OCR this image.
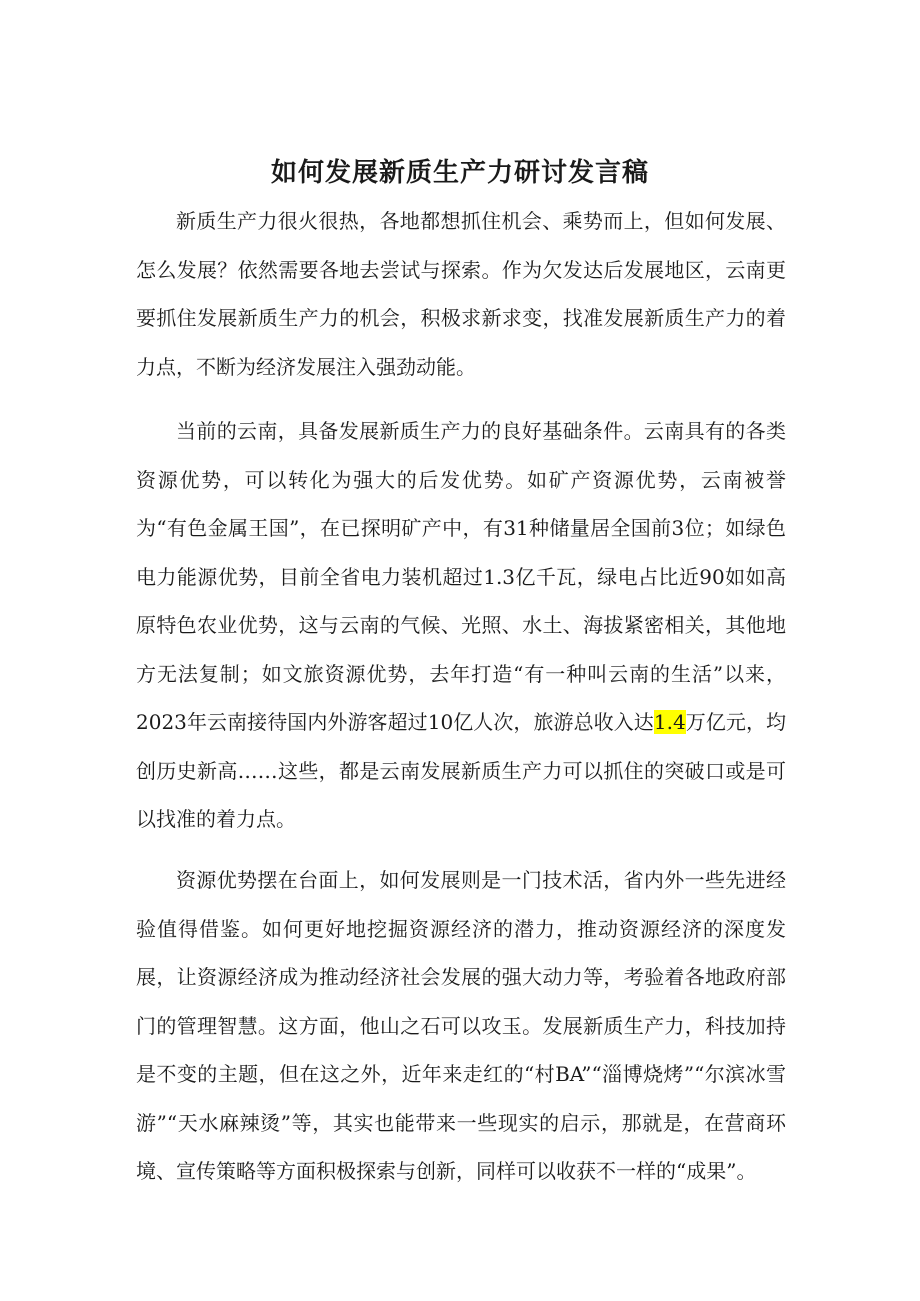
如何发展新质生产力研讨发言稿

新质生产力很火很热，各地都想抓住机会、乘势而上，但如何发展、怎么发展？依然需要各地去尝试与探索。作为欠发达后发展地区，云南更要抓住发展新质生产力的机会，积极求新求变，找准发展新质生产力的着力点，不断为经济发展注入强劲动能。

当前的云南，具备发展新质生产力的良好基础条件。云南具有的各类资源优势，可以转化为强大的后发优势。如矿产资源优势，云南被誉为“有色金属王国”，在已探明矿产中，有31种储量居全国前3位；如绿色电力能源优势，目前全省电力装机超过1.3亿千瓦，绿电占比近90如如高原特色农业优势，这与云南的气候、光照、水土、海拔紧密相关，其他地方无法复制；如文旅资源优势，去年打造“有一种叫云南的生活”以来，2023年云南接待国内外游客超过10亿人次，旅游总收入达1.4万亿元，均创历史新高……这些，都是云南发展新质生产力可以抓住的突破口或是可以找准的着力点。

资源优势摆在台面上，如何发展则是一门技术活，省内外一些先进经验值得借鉴。如何更好地挖掘资源经济的潜力，推动资源经济的深度发展，让资源经济成为推动经济社会发展的强大动力等，考验着各地政府部门的管理智慧。这方面，他山之石可以攻玉。发展新质生产力，科技加持是不变的主题，但在这之外，近年来走红的“村BA”“淄博烧烤”“尔滨冰雪游”“天水麻辣烫”等，其实也能带来一些现实的启示，那就是，在营商环境、宣传策略等方面积极探索与创新，同样可以收获不一样的“成果”。
